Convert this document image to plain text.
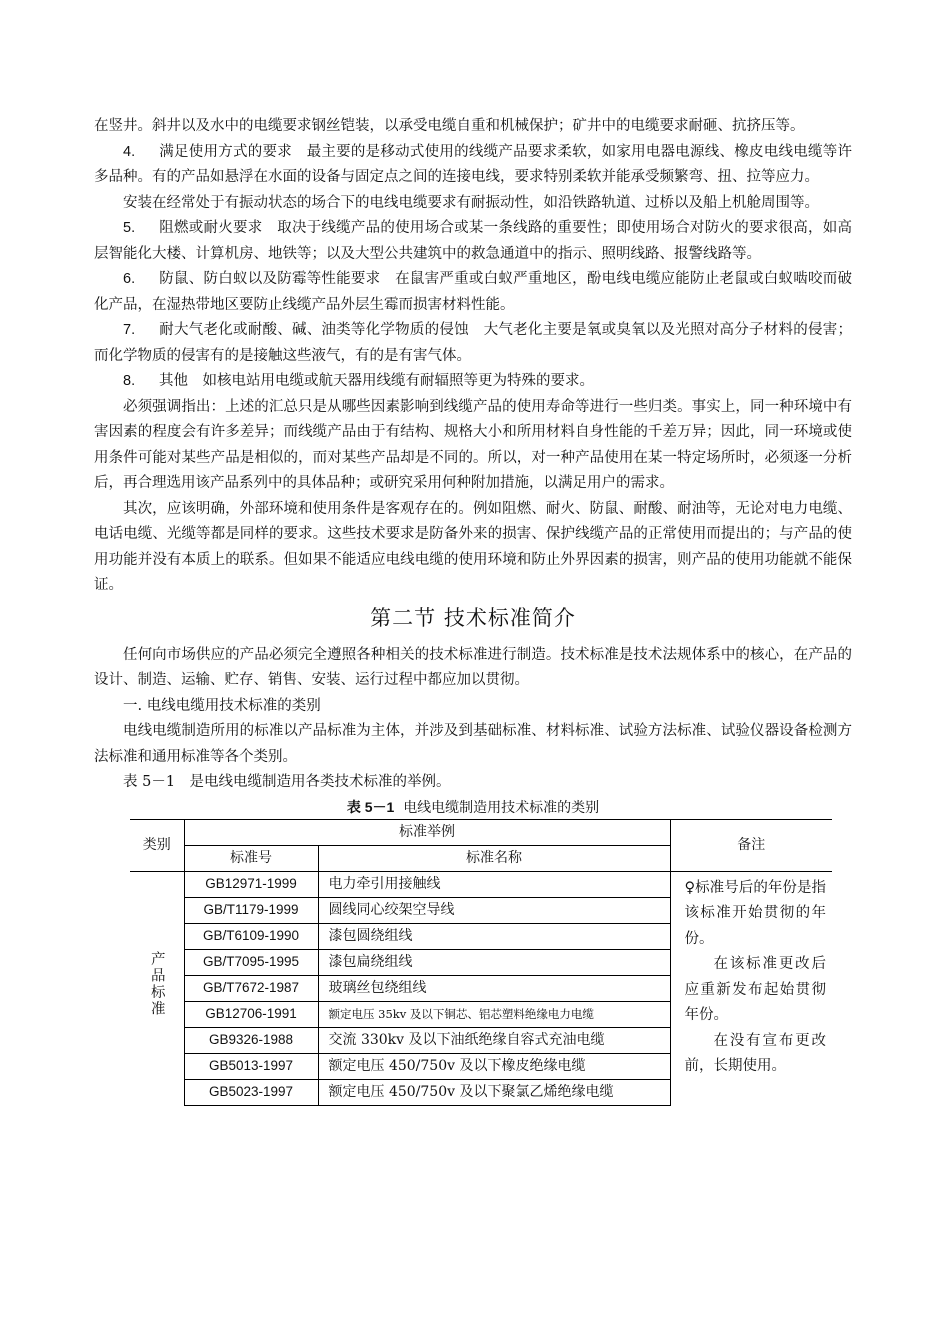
在竖井。斜井以及水中的电缆要求钢丝铠装，以承受电缆自重和机械保护；矿井中的电缆要求耐砸、抗挤压等。

4. 满足使用方式的要求　最主要的是移动式使用的线缆产品要求柔软，如家用电器电源线、橡皮电线电缆等许多品种。有的产品如悬浮在水面的设备与固定点之间的连接电线，要求特别柔软并能承受频繁弯、扭、拉等应力。

安装在经常处于有振动状态的场合下的电线电缆要求有耐振动性，如沿铁路轨道、过桥以及船上机舱周围等。

5. 阻燃或耐火要求　取决于线缆产品的使用场合或某一条线路的重要性；即使用场合对防火的要求很高，如高层智能化大楼、计算机房、地铁等；以及大型公共建筑中的救急通道中的指示、照明线路、报警线路等。

6. 防鼠、防白蚁以及防霉等性能要求　在鼠害严重或白蚁严重地区，酚电线电缆应能防止老鼠或白蚁啮咬而破化产品，在湿热带地区要防止线缆产品外层生霉而损害材料性能。

7. 耐大气老化或耐酸、碱、油类等化学物质的侵蚀　大气老化主要是氧或臭氧以及光照对高分子材料的侵害；而化学物质的侵害有的是接触这些液气，有的是有害气体。

8. 其他　如核电站用电缆或航天器用线缆有耐辐照等更为特殊的要求。

必须强调指出：上述的汇总只是从哪些因素影响到线缆产品的使用寿命等进行一些归类。事实上，同一种环境中有害因素的程度会有许多差异；而线缆产品由于有结构、规格大小和所用材料自身性能的千差万异；因此，同一环境或使用条件可能对某些产品是相似的，而对某些产品却是不同的。所以，对一种产品使用在某一特定场所时，必须逐一分析后，再合理选用该产品系列中的具体品种；或研究采用何种附加措施，以满足用户的需求。

其次，应该明确，外部环境和使用条件是客观存在的。例如阻燃、耐火、防鼠、耐酸、耐油等，无论对电力电缆、电话电缆、光缆等都是同样的要求。这些技术要求是防备外来的损害、保护线缆产品的正常使用而提出的；与产品的使用功能并没有本质上的联系。但如果不能适应电线电缆的使用环境和防止外界因素的损害，则产品的使用功能就不能保证。

第二节 技术标准简介

任何向市场供应的产品必须完全遵照各种相关的技术标准进行制造。技术标准是技术法规体系中的核心，在产品的设计、制造、运输、贮存、销售、安装、运行过程中都应加以贯彻。

一. 电线电缆用技术标准的类别

电线电缆制造所用的标准以产品标准为主体，并涉及到基础标准、材料标准、试验方法标准、试验仪器设备检测方法标准和通用标准等各个类别。

表 5－1　是电线电缆制造用各类技术标准的举例。

表 5－1 电线电缆制造用技术标准的类别

类别	标准举例		备注
	标准号	标准名称	
产品标准	GB12971-1999	电力牵引用接触线	♀标准号后的年份是指该标准开始贯彻的年份。

在该标准更改后应重新发布起始贯彻年份。

在没有宣布更改前，长期使用。

	GB/T1179-1999	圆线同心绞架空导线	
	GB/T6109-1990	漆包圆绕组线	
	GB/T7095-1995	漆包扁绕组线	
	GB/T7672-1987	玻璃丝包绕组线	
	GB12706-1991	额定电压 35kv 及以下铜芯、铝芯塑料绝缘电力电缆	
	GB9326-1988	交流 330kv 及以下油纸绝缘自容式充油电缆	
	GB5013-1997	额定电压 450/750v 及以下橡皮绝缘电缆	
	GB5023-1997	额定电压 450/750v 及以下聚氯乙烯绝缘电缆	
